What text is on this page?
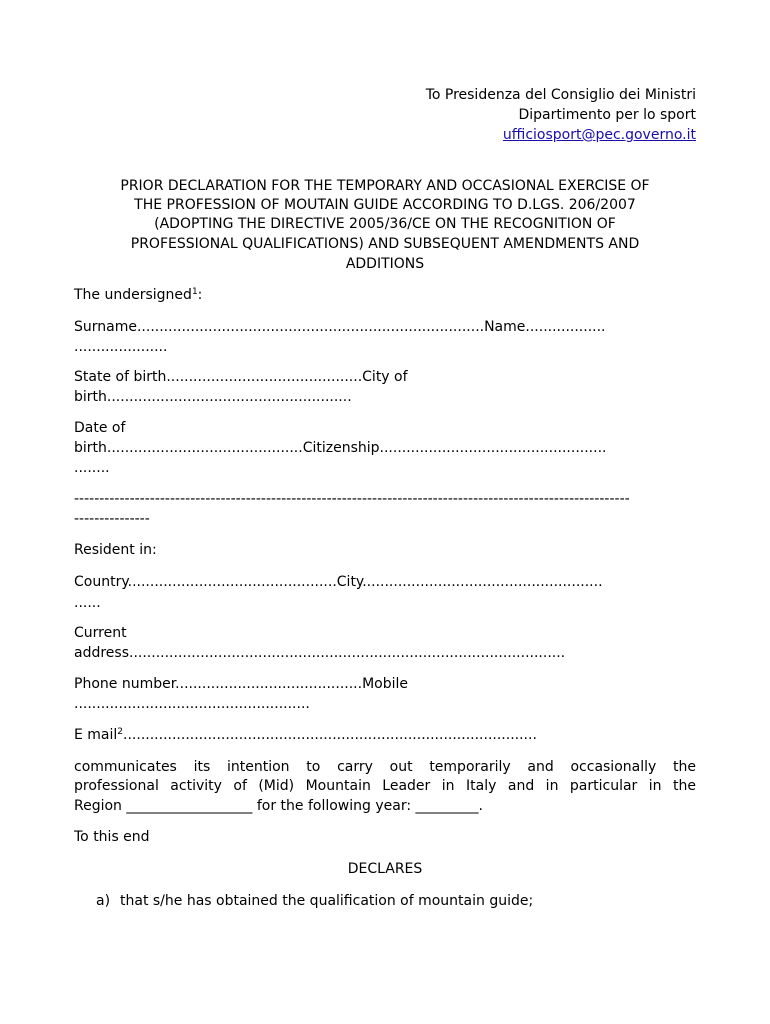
To Presidenza del Consiglio dei Ministri
Dipartimento per lo sport
ufficiosport@pec.governo.it
PRIOR DECLARATION FOR THE TEMPORARY AND OCCASIONAL EXERCISE OF
THE PROFESSION OF MOUTAIN GUIDE ACCORDING TO D.LGS. 206/2007
(ADOPTING THE DIRECTIVE 2005/36/CE ON THE RECOGNITION OF
PROFESSIONAL QUALIFICATIONS) AND SUBSEQUENT AMENDMENTS AND
ADDITIONS
The undersigned$^1$:
Surname..............................................................................Name..................
.....................
State of birth............................................City of
birth.......................................................
Date of
birth............................................Citizenship...................................................
........
--------------------------------------------------------------------------------------------------------------
---------------
Resident in:
Country...............................................City......................................................
......
Current
address..................................................................................................
Phone number..........................................Mobile
.....................................................
E mail$^2$.............................................................................................
communicates its intention to carry out temporarily and occasionally the
professional activity of (Mid) Mountain Leader in Italy and in particular in the
Region __________________ for the following year: _________.
To this end
DECLARES
a) that s/he has obtained the qualification of mountain guide;
